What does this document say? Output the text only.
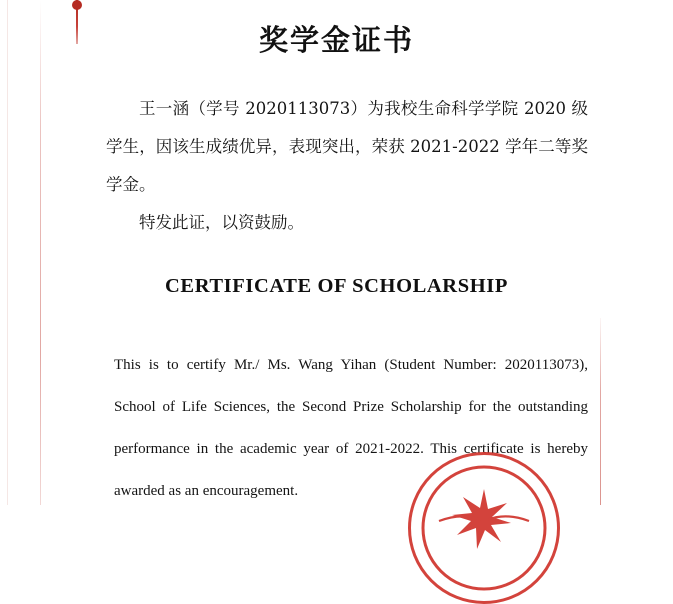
奖学金证书

王一涵（学号 2020113073）为我校生命科学学院 2020 级学生，因该生成绩优异，表现突出，荣获 2021-2022 学年二等奖学金。

特发此证，以资鼓励。

CERTIFICATE OF SCHOLARSHIP

This is to certify Mr./ Ms. Wang Yihan (Student Number: 2020113073), School of Life Sciences, the Second Prize Scholarship for the outstanding performance in the academic year of 2021-2022. This certificate is hereby awarded as an encouragement.
